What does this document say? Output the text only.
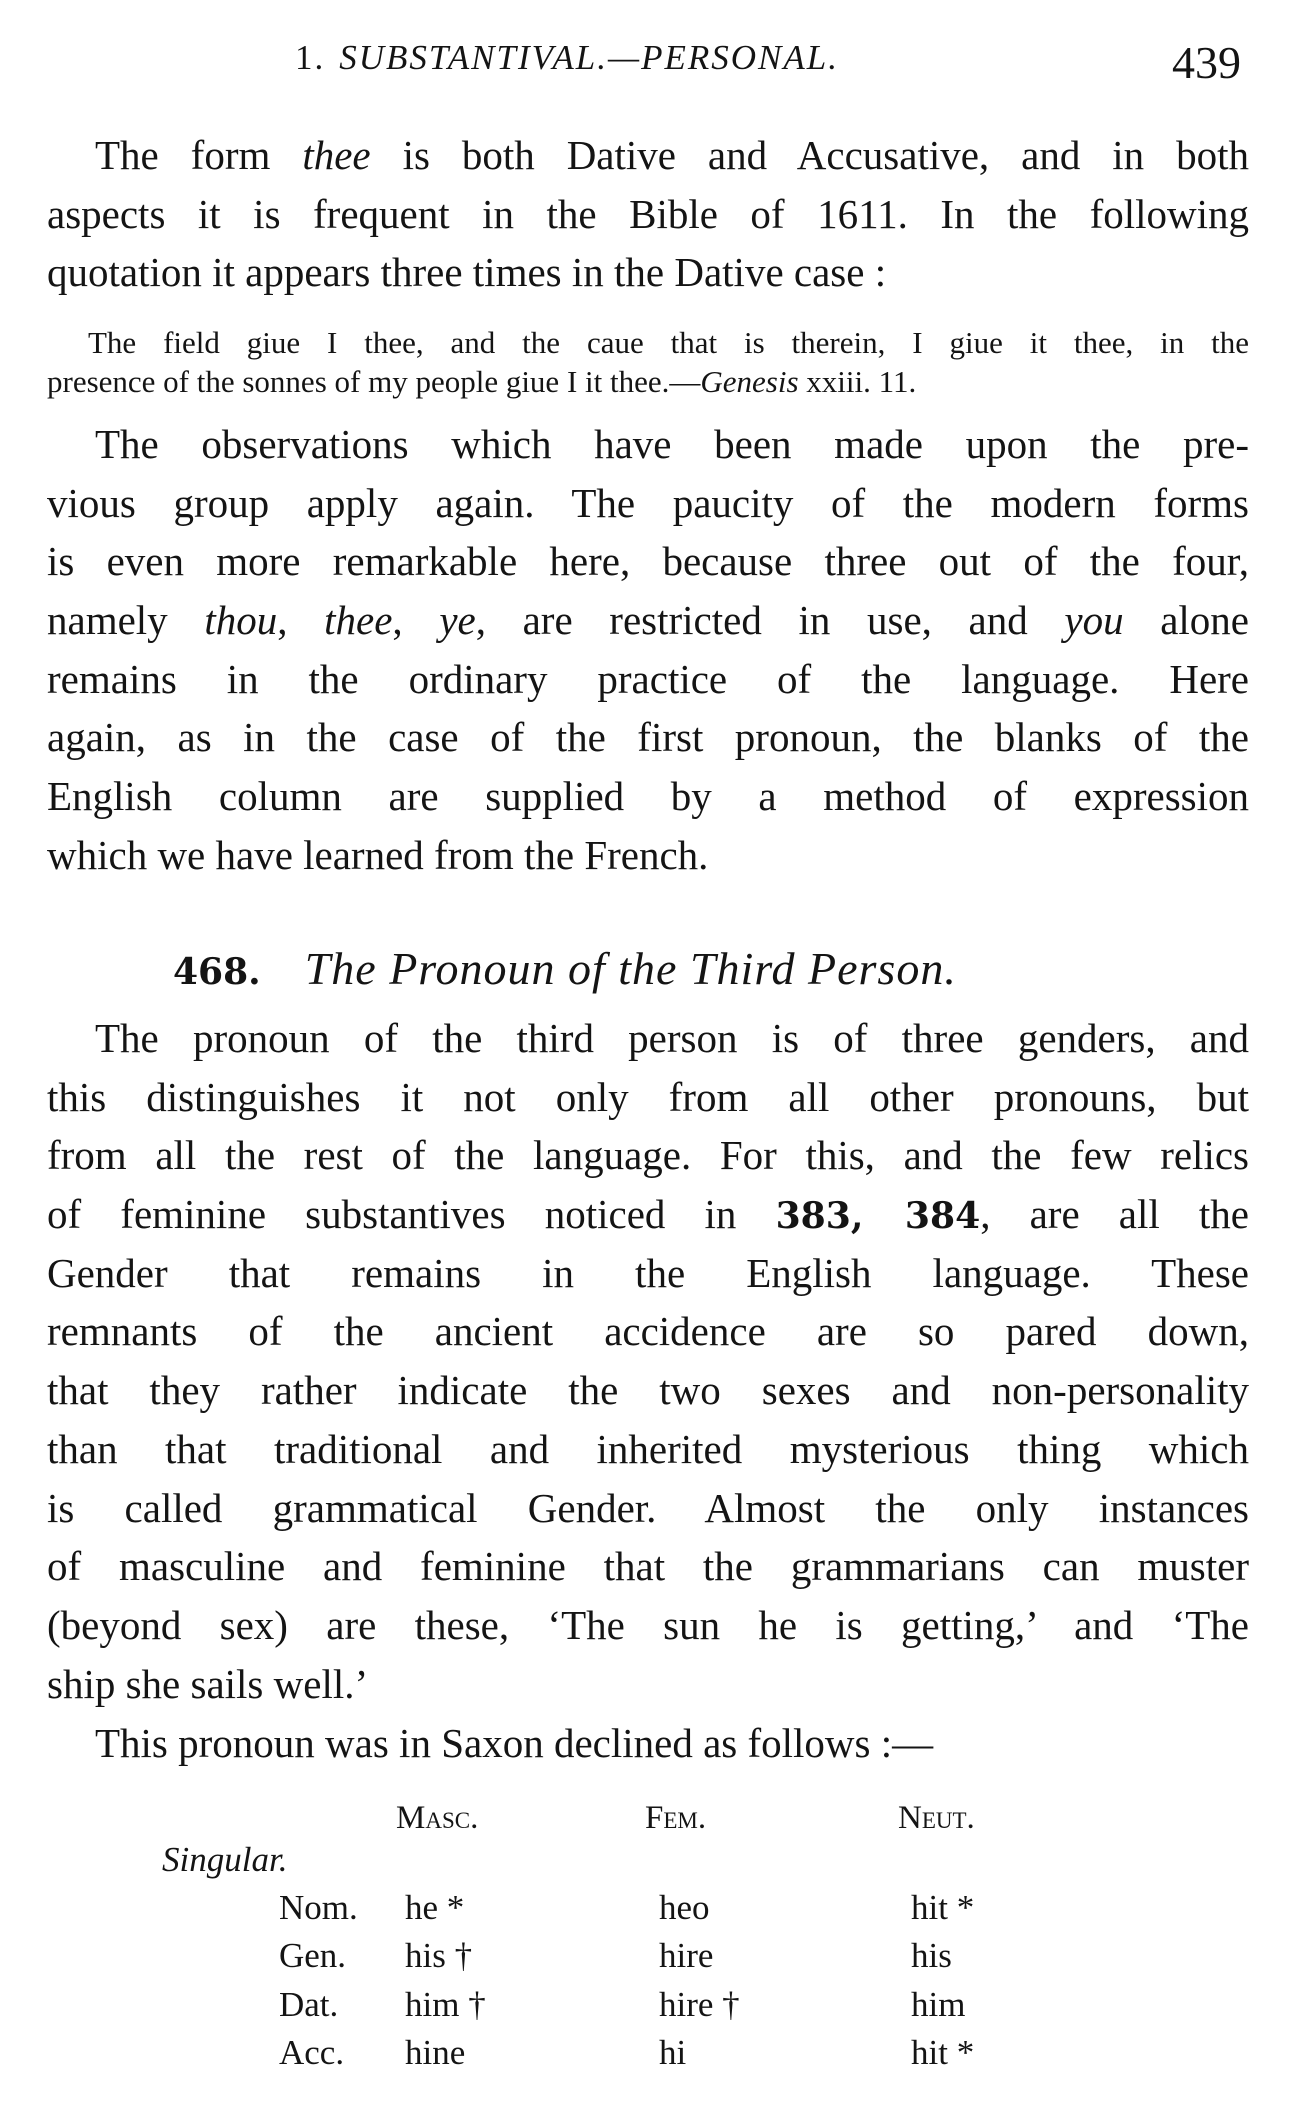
1. SUBSTANTIVAL.—PERSONAL.	439
The form thee is both Dative and Accusative, and in both
aspects it is frequent in the Bible of 1611. In the following
quotation it appears three times in the Dative case :
The field giue I thee, and the caue that is therein, I giue it thee, in the
presence of the sonnes of my people giue I it thee.—Genesis xxiii. 11.
The observations which have been made upon the pre-
vious group apply again. The paucity of the modern forms
is even more remarkable here, because three out of the four,
namely thou, thee, ye, are restricted in use, and you alone
remains in the ordinary practice of the language. Here
again, as in the case of the first pronoun, the blanks of the
English column are supplied by a method of expression
which we have learned from the French.
468. The Pronoun of the Third Person.
The pronoun of the third person is of three genders, and
this distinguishes it not only from all other pronouns, but
from all the rest of the language. For this, and the few relics
of feminine substantives noticed in 383, 384, are all the
Gender that remains in the English language. These
remnants of the ancient accidence are so pared down,
that they rather indicate the two sexes and non-personality
than that traditional and inherited mysterious thing which
is called grammatical Gender. Almost the only instances
of masculine and feminine that the grammarians can muster
(beyond sex) are these, ‘The sun he is getting,’ and ‘The
ship she sails well.’
This pronoun was in Saxon declined as follows :—
Masc.	Fem.	Neut.
Singular.
Nom. he *	heo	hit *
Gen. his †	hire	his
Dat. him †	hire †	him
Acc. hine	hi	hit *
